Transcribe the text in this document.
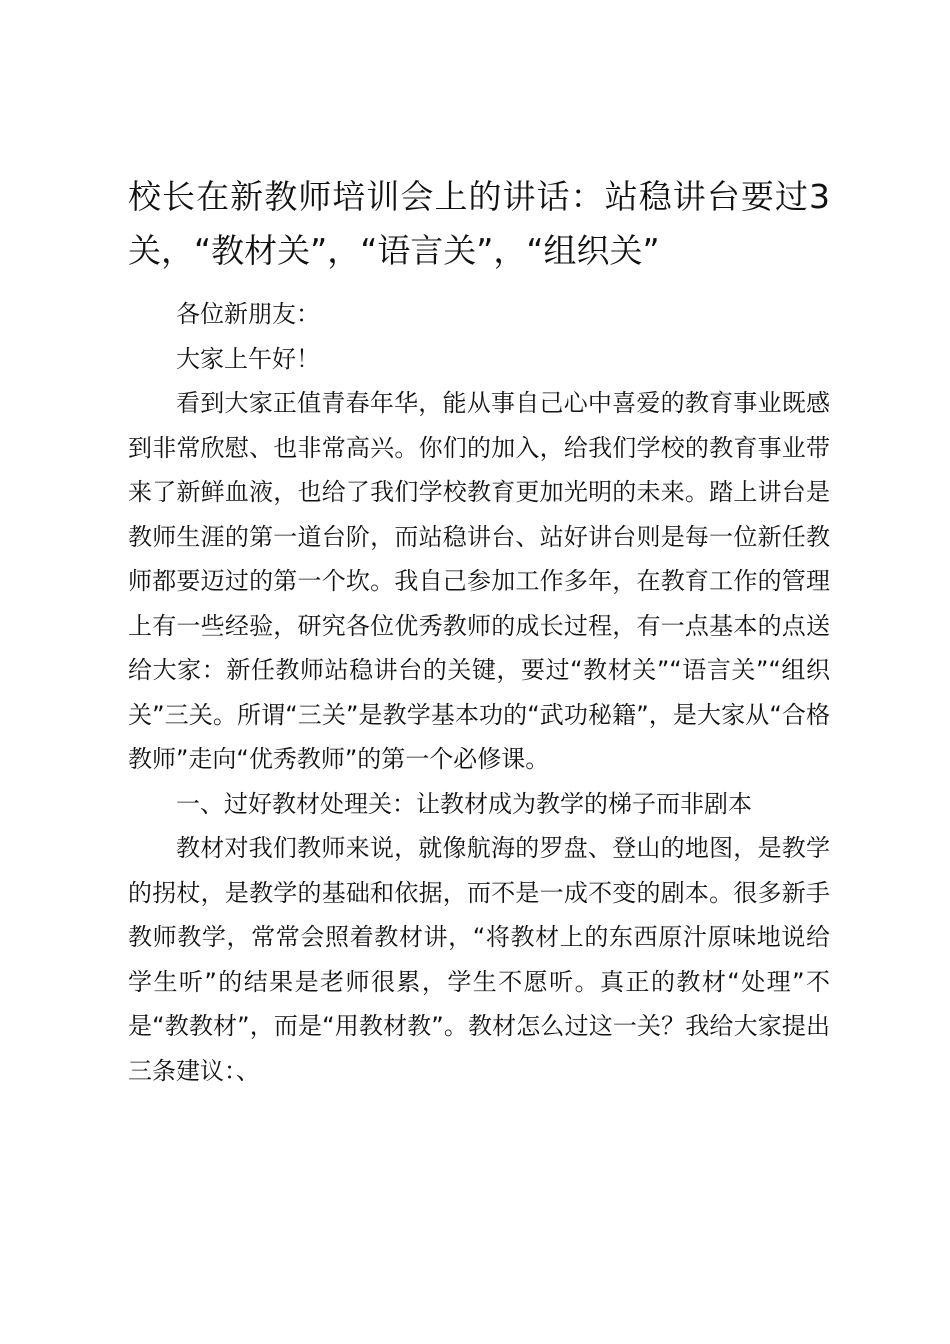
校长在新教师培训会上的讲话：站稳讲台要过3关，“教材关”，“语言关”，“组织关”

各位新朋友：

大家上午好！

看到大家正值青春年华，能从事自己心中喜爱的教育事业既感到非常欣慰、也非常高兴。你们的加入，给我们学校的教育事业带来了新鲜血液，也给了我们学校教育更加光明的未来。踏上讲台是教师生涯的第一道台阶，而站稳讲台、站好讲台则是每一位新任教师都要迈过的第一个坎。我自己参加工作多年，在教育工作的管理上有一些经验，研究各位优秀教师的成长过程，有一点基本的点送给大家：新任教师站稳讲台的关键，要过“教材关”“语言关”“组织关”三关。所谓“三关”是教学基本功的“武功秘籍”，是大家从“合格教师”走向“优秀教师”的第一个必修课。

一、过好教材处理关：让教材成为教学的梯子而非剧本

教材对我们教师来说，就像航海的罗盘、登山的地图，是教学的拐杖，是教学的基础和依据，而不是一成不变的剧本。很多新手教师教学，常常会照着教材讲，“将教材上的东西原汁原味地说给学生听”的结果是老师很累，学生不愿听。真正的教材“处理”不是“教教材”，而是“用教材教”。教材怎么过这一关？我给大家提出三条建议：、
